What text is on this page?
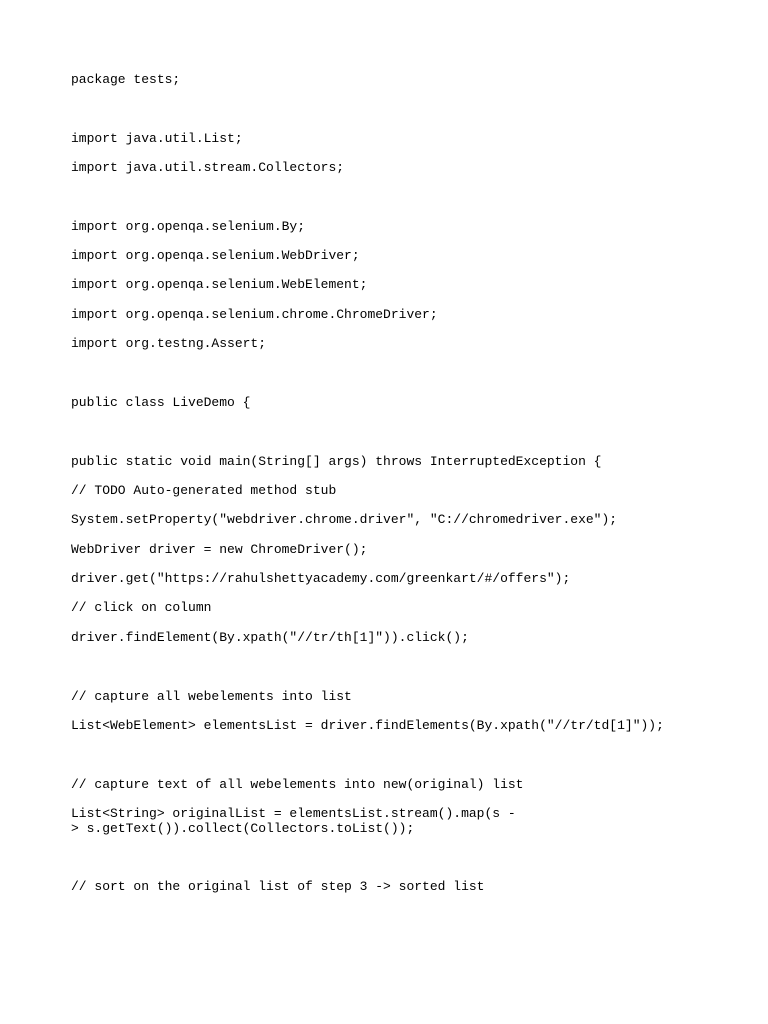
package tests;
import java.util.List;
import java.util.stream.Collectors;
import org.openqa.selenium.By;
import org.openqa.selenium.WebDriver;
import org.openqa.selenium.WebElement;
import org.openqa.selenium.chrome.ChromeDriver;
import org.testng.Assert;
public class LiveDemo {
public static void main(String[] args) throws InterruptedException {
// TODO Auto-generated method stub
System.setProperty("webdriver.chrome.driver", "C://chromedriver.exe");
WebDriver driver = new ChromeDriver();
driver.get("https://rahulshettyacademy.com/greenkart/#/offers");
// click on column
driver.findElement(By.xpath("//tr/th[1]")).click();
// capture all webelements into list
List<WebElement> elementsList = driver.findElements(By.xpath("//tr/td[1]"));
// capture text of all webelements into new(original) list
List<String> originalList = elementsList.stream().map(s -> s.getText()).collect(Collectors.toList());
// sort on the original list of step 3 -> sorted list
